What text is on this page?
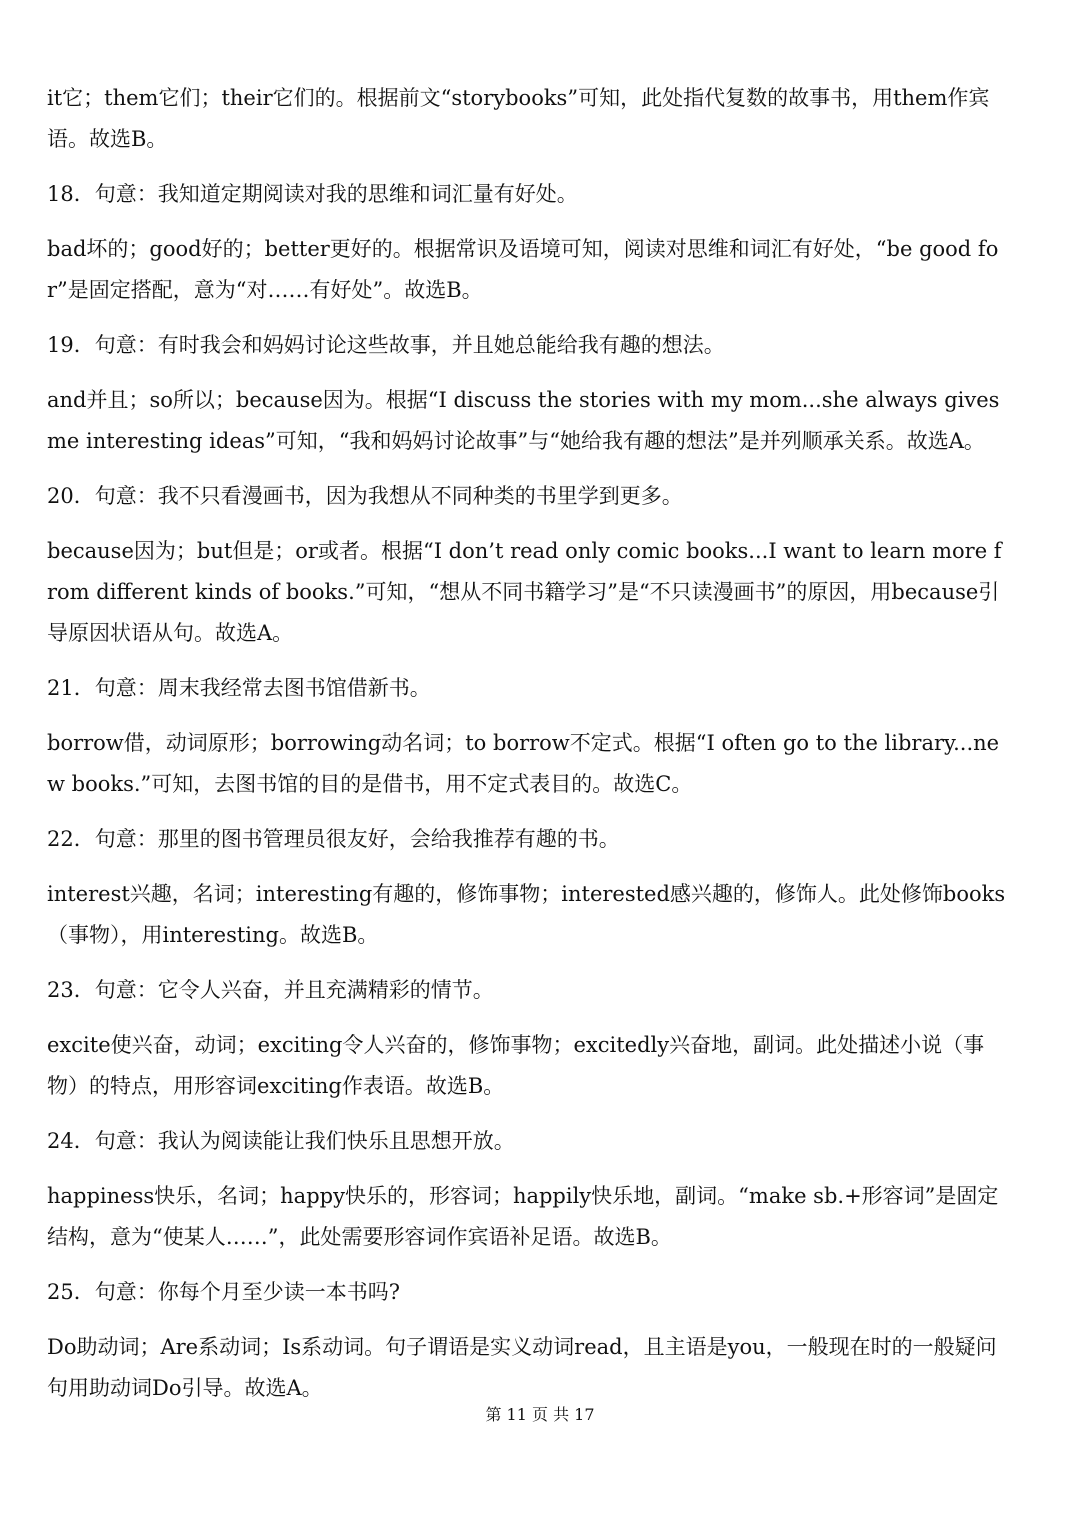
it它；them它们；their它们的。根据前文“storybooks”可知，此处指代复数的故事书，用them作宾语。故选B。

18．句意：我知道定期阅读对我的思维和词汇量有好处。

bad坏的；good好的；better更好的。根据常识及语境可知，阅读对思维和词汇有好处，“be good for”是固定搭配，意为“对……有好处”。故选B。

19．句意：有时我会和妈妈讨论这些故事，并且她总能给我有趣的想法。

and并且；so所以；because因为。根据“I discuss the stories with my mom...she always gives me interesting ideas”可知，“我和妈妈讨论故事”与“她给我有趣的想法”是并列顺承关系。故选A。

20．句意：我不只看漫画书，因为我想从不同种类的书里学到更多。

because因为；but但是；or或者。根据“I don’t read only comic books...I want to learn more from different kinds of books.”可知，“想从不同书籍学习”是“不只读漫画书”的原因，用because引导原因状语从句。故选A。

21．句意：周末我经常去图书馆借新书。

borrow借，动词原形；borrowing动名词；to borrow不定式。根据“I often go to the library...new books.”可知，去图书馆的目的是借书，用不定式表目的。故选C。

22．句意：那里的图书管理员很友好，会给我推荐有趣的书。

interest兴趣，名词；interesting有趣的，修饰事物；interested感兴趣的，修饰人。此处修饰books（事物），用interesting。故选B。

23．句意：它令人兴奋，并且充满精彩的情节。

excite使兴奋，动词；exciting令人兴奋的，修饰事物；excitedly兴奋地，副词。此处描述小说（事物）的特点，用形容词exciting作表语。故选B。

24．句意：我认为阅读能让我们快乐且思想开放。

happiness快乐，名词；happy快乐的，形容词；happily快乐地，副词。“make sb.+形容词”是固定结构，意为“使某人……”，此处需要形容词作宾语补足语。故选B。

25．句意：你每个月至少读一本书吗?

Do助动词；Are系动词；Is系动词。句子谓语是实义动词read，且主语是you，一般现在时的一般疑问句用助动词Do引导。故选A。

第 11 页 共 17
